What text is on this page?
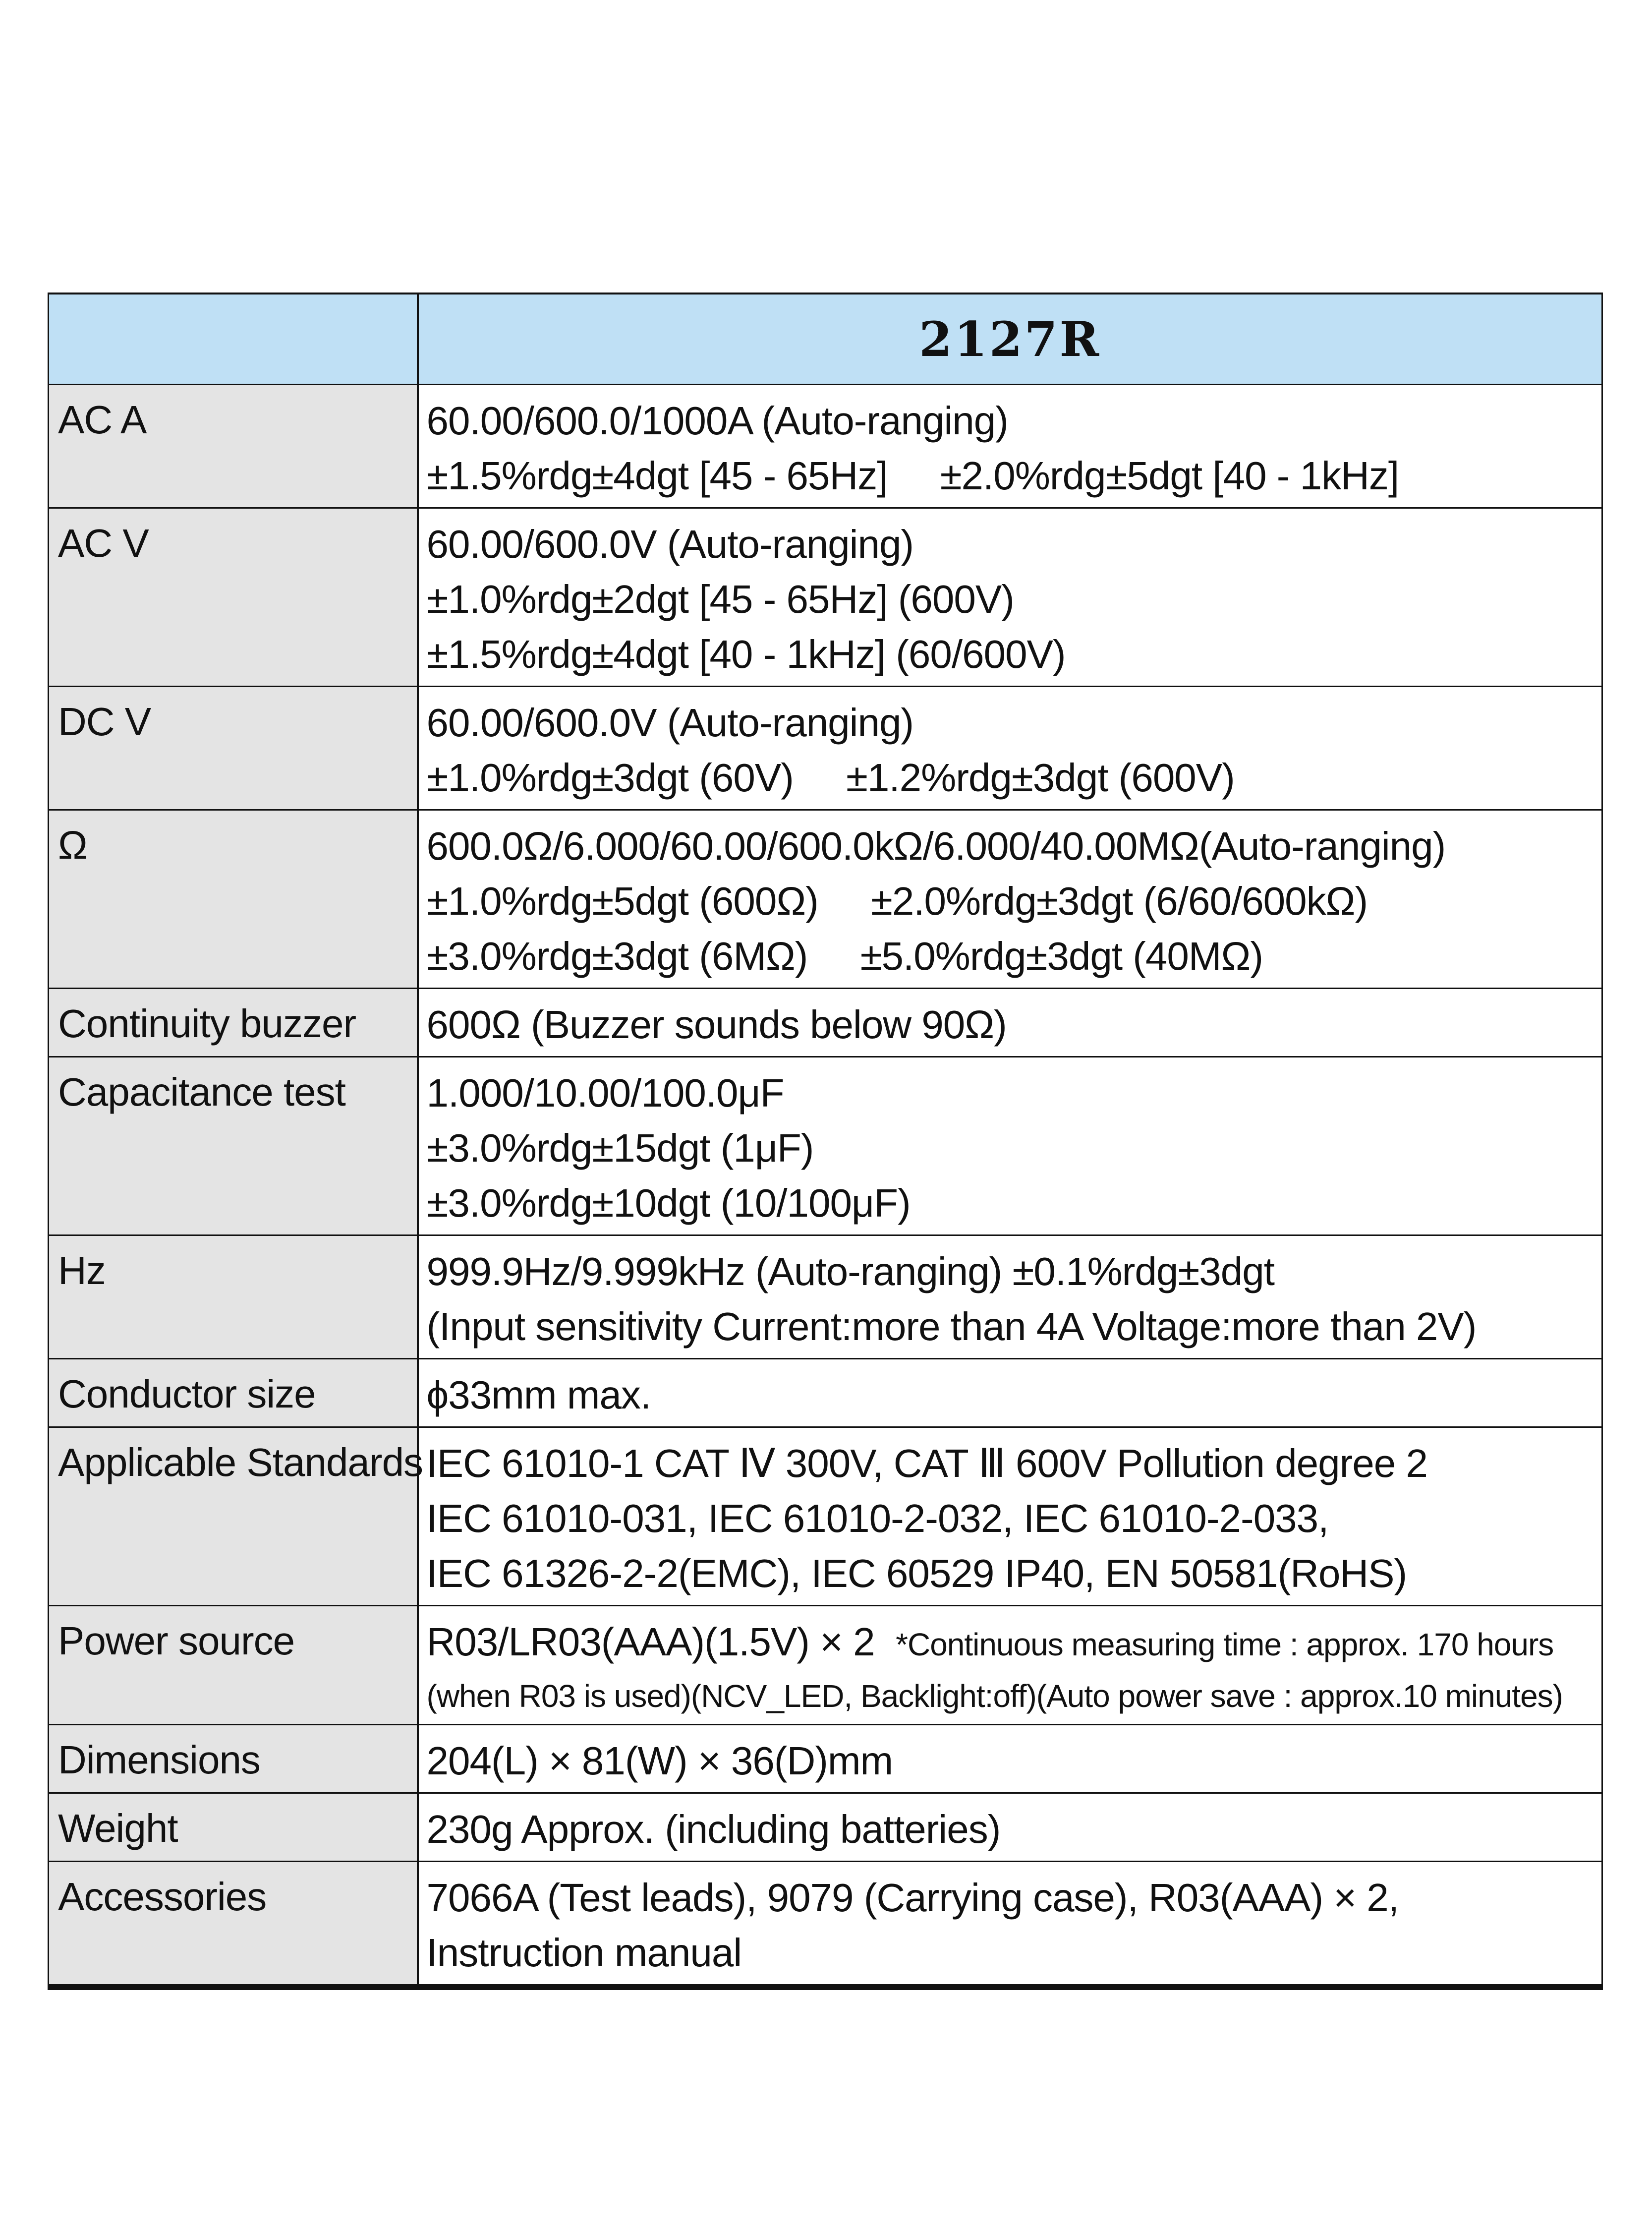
	2127R
AC A	60.00/600.0/1000A (Auto-ranging)
±1.5%rdg±4dgt [45 - 65Hz]     ±2.0%rdg±5dgt [40 - 1kHz]

AC V	60.00/600.0V (Auto-ranging)
±1.0%rdg±2dgt [45 - 65Hz] (600V)
±1.5%rdg±4dgt [40 - 1kHz] (60/600V)

DC V	60.00/600.0V (Auto-ranging)
±1.0%rdg±3dgt (60V)     ±1.2%rdg±3dgt (600V)

Ω	600.0Ω/6.000/60.00/600.0kΩ/6.000/40.00MΩ(Auto-ranging)
±1.0%rdg±5dgt (600Ω)     ±2.0%rdg±3dgt (6/60/600kΩ)
±3.0%rdg±3dgt (6MΩ)     ±5.0%rdg±3dgt (40MΩ)

Continuity buzzer	600Ω (Buzzer sounds below 90Ω)

Capacitance test	1.000/10.00/100.0μF
±3.0%rdg±15dgt (1μF)
±3.0%rdg±10dgt (10/100μF)

Hz	999.9Hz/9.999kHz (Auto-ranging) ±0.1%rdg±3dgt
(Input sensitivity Current:more than 4A Voltage:more than 2V)

Conductor size	ϕ33mm max.

Applicable Standards	IEC 61010-1 CAT Ⅳ 300V, CAT Ⅲ 600V Pollution degree 2
IEC 61010-031, IEC 61010-2-032, IEC 61010-2-033,
IEC 61326-2-2(EMC), IEC 60529 IP40, EN 50581(RoHS)

Power source	R03/LR03(AAA)(1.5V) × 2 *Continuous measuring time : approx. 170 hours
(when R03 is used)(NCV_LED, Backlight:off)(Auto power save : approx.10 minutes)

Dimensions	204(L) × 81(W) × 36(D)mm

Weight	230g Approx. (including batteries)

Accessories	7066A (Test leads), 9079 (Carrying case), R03(AAA) × 2,
Instruction manual
